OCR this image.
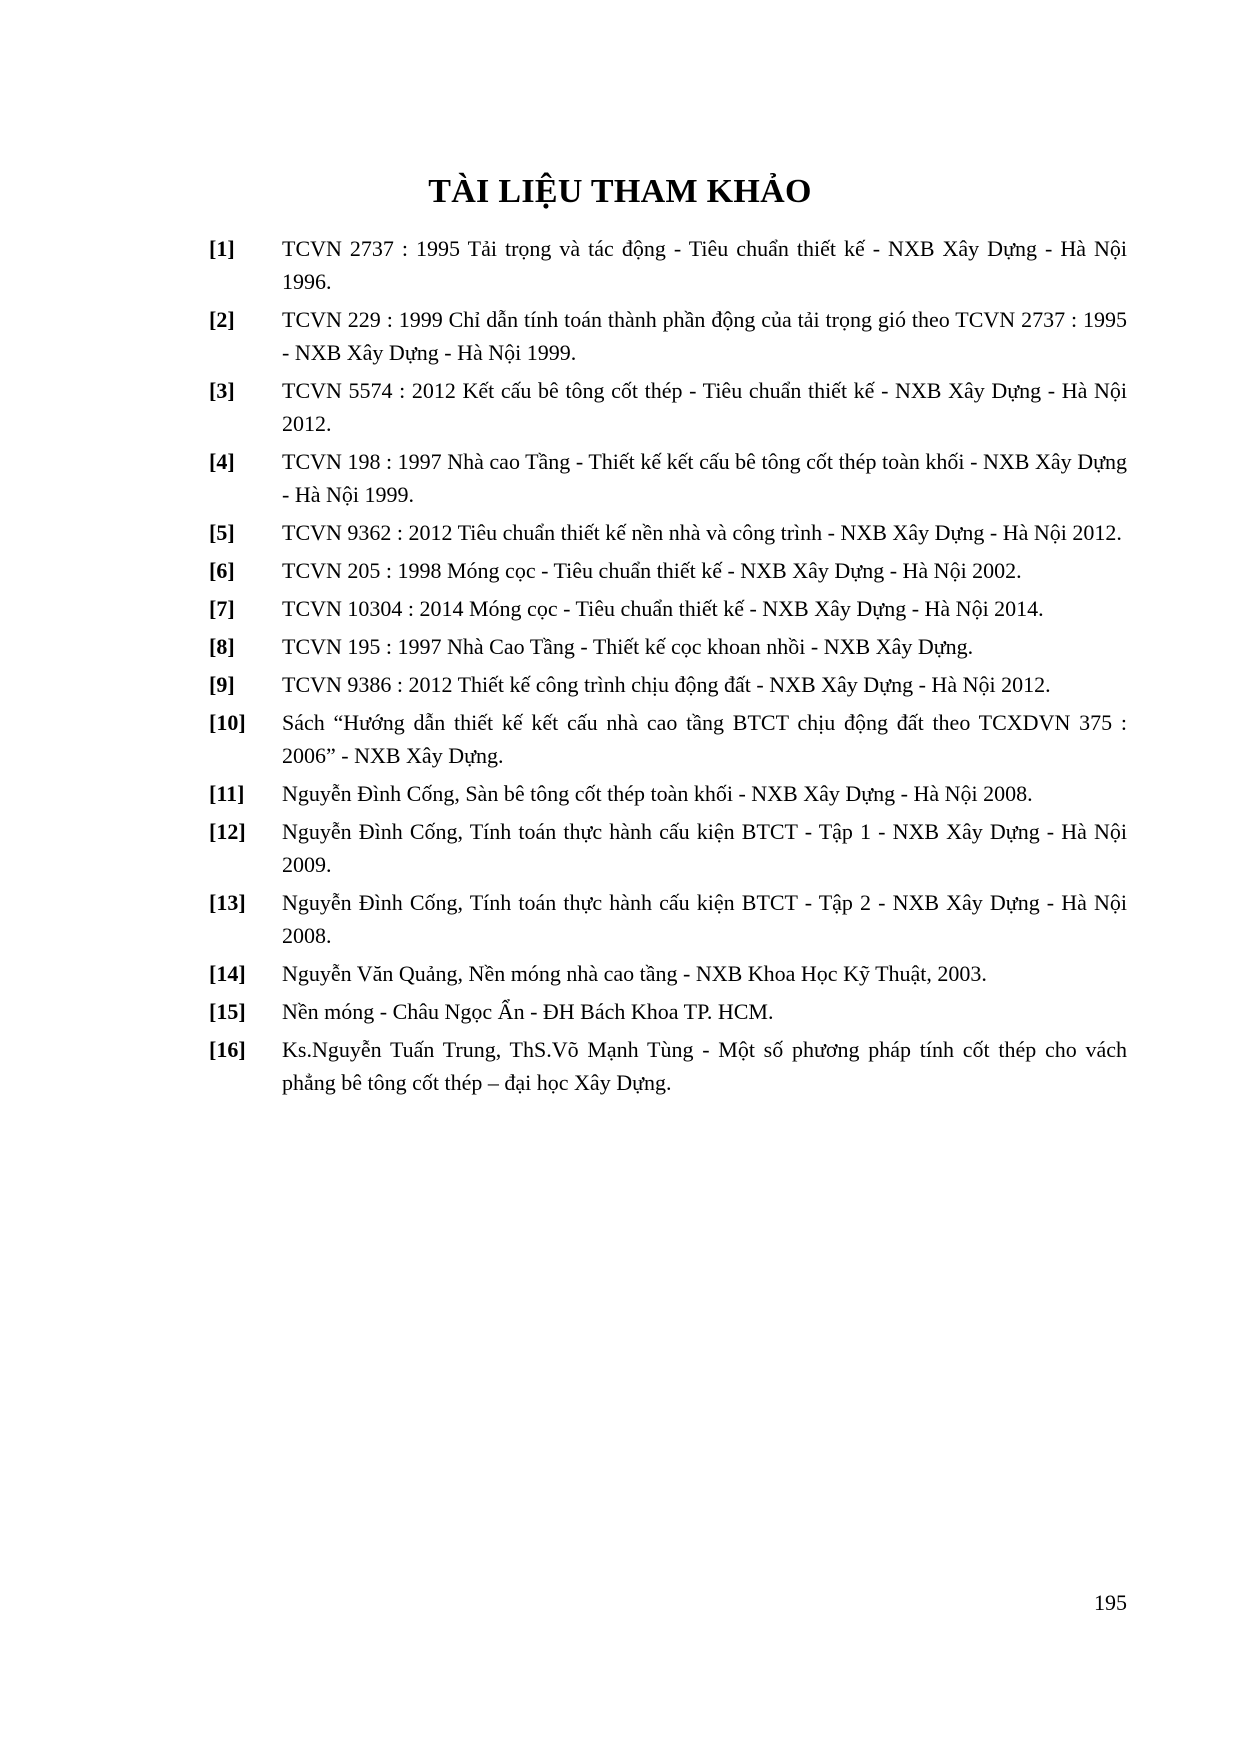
TÀI LIỆU THAM KHẢO
[1]	TCVN 2737 : 1995 Tải trọng và tác động - Tiêu chuẩn thiết kế - NXB Xây Dựng - Hà Nội 1996.
[2]	TCVN 229 : 1999 Chỉ dẫn tính toán thành phần động của tải trọng gió theo TCVN 2737 : 1995 - NXB Xây Dựng - Hà Nội 1999.
[3]	TCVN 5574 : 2012 Kết cấu bê tông cốt thép - Tiêu chuẩn thiết kế - NXB Xây Dựng - Hà Nội 2012.
[4]	TCVN 198 : 1997 Nhà cao Tầng - Thiết kế kết cấu bê tông cốt thép toàn khối - NXB Xây Dựng - Hà Nội 1999.
[5]	TCVN 9362 : 2012 Tiêu chuẩn thiết kế nền nhà và công trình - NXB Xây Dựng - Hà Nội 2012.
[6]	TCVN 205 : 1998 Móng cọc - Tiêu chuẩn thiết kế - NXB Xây Dựng - Hà Nội 2002.
[7]	TCVN 10304 : 2014 Móng cọc - Tiêu chuẩn thiết kế - NXB Xây Dựng - Hà Nội 2014.
[8]	TCVN 195 : 1997 Nhà Cao Tầng - Thiết kế cọc khoan nhồi - NXB Xây Dựng.
[9]	TCVN 9386 : 2012 Thiết kế công trình chịu động đất - NXB Xây Dựng - Hà Nội 2012.
[10]	Sách “Hướng dẫn thiết kế kết cấu nhà cao tầng BTCT chịu động đất theo TCXDVN 375 : 2006” - NXB Xây Dựng.
[11]	Nguyễn Đình Cống, Sàn bê tông cốt thép toàn khối - NXB Xây Dựng - Hà Nội 2008.
[12]	Nguyễn Đình Cống, Tính toán thực hành cấu kiện BTCT - Tập 1 - NXB Xây Dựng - Hà Nội 2009.
[13]	Nguyễn Đình Cống, Tính toán thực hành cấu kiện BTCT - Tập 2 - NXB Xây Dựng - Hà Nội 2008.
[14]	Nguyễn Văn Quảng, Nền móng nhà cao tầng - NXB Khoa Học Kỹ Thuật, 2003.
[15]	Nền móng - Châu Ngọc Ẩn - ĐH Bách Khoa TP. HCM.
[16]	Ks.Nguyễn Tuấn Trung, ThS.Võ Mạnh Tùng - Một số phương pháp tính cốt thép cho vách phẳng bê tông cốt thép – đại học Xây Dựng.
195
